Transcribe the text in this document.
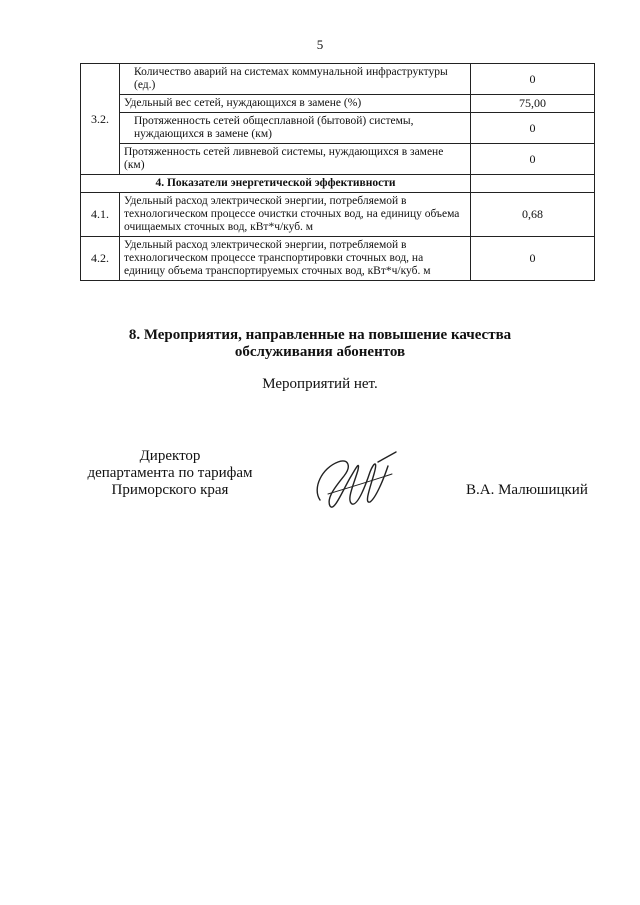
5
3.2.	Количество аварий на системах коммунальной инфраструктуры (ед.)	0
	Удельный вес сетей, нуждающихся в замене (%)	75,00
	Протяженность сетей общесплавной (бытовой) системы, нуждающихся в замене (км)	0
	Протяженность сетей ливневой системы, нуждающихся в замене (км)	0
4. Показатели энергетической эффективности		
4.1.	Удельный расход электрической энергии, потребляемой в технологическом процессе очистки сточных вод, на единицу объема очищаемых сточных вод, кВт*ч/куб. м	0,68
4.2.	Удельный расход электрической энергии, потребляемой в технологическом процессе транспортировки сточных вод, на единицу объема транспортируемых сточных вод, кВт*ч/куб. м	0
8. Мероприятия, направленные на повышение качества
обслуживания абонентов
Мероприятий нет.
Директор
департамента по тарифам
Приморского края	В.А. Малюшицкий
